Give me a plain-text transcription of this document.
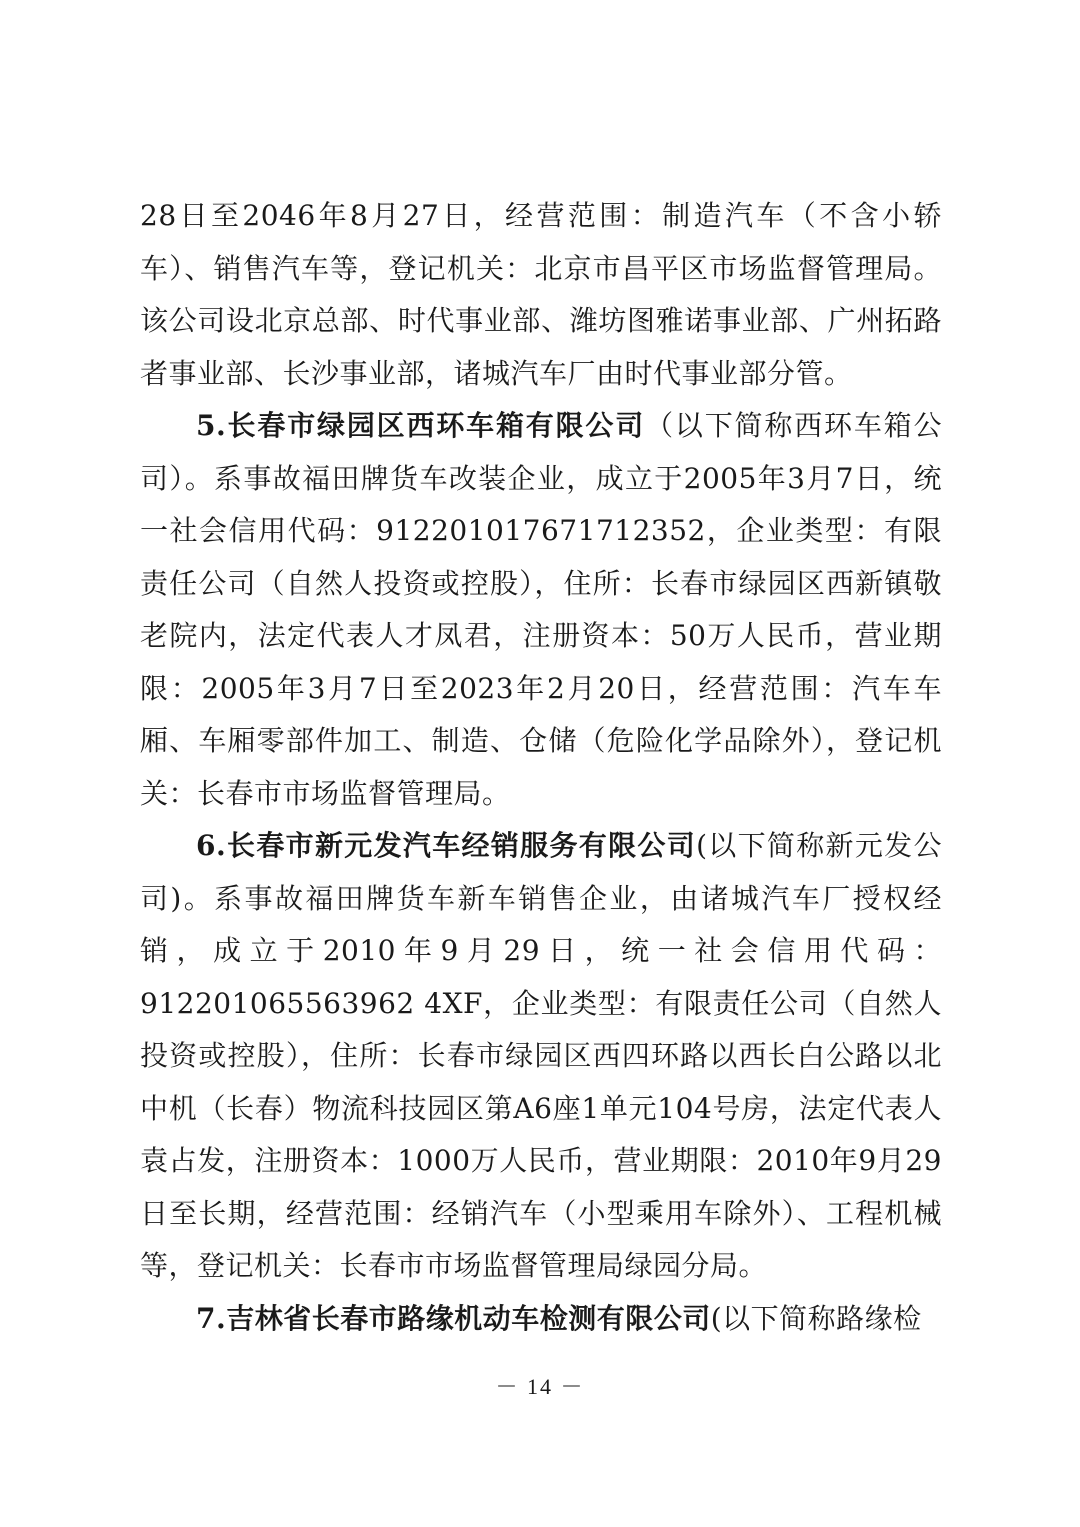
28日至2046年8月27日，经营范围：制造汽车（不含小轿车）、销售汽车等，登记机关：北京市昌平区市场监督管理局。该公司设北京总部、时代事业部、潍坊图雅诺事业部、广州拓路者事业部、长沙事业部，诸城汽车厂由时代事业部分管。

5.长春市绿园区西环车箱有限公司（以下简称西环车箱公司）。系事故福田牌货车改装企业，成立于2005年3月7日，统一社会信用代码：912201017671712352，企业类型：有限责任公司（自然人投资或控股），住所：长春市绿园区西新镇敬老院内，法定代表人才凤君，注册资本：50万人民币，营业期限：2005年3月7日至2023年2月20日，经营范围：汽车车厢、车厢零部件加工、制造、仓储（危险化学品除外），登记机关：长春市市场监督管理局。

6.长春市新元发汽车经销服务有限公司(以下简称新元发公司)。系事故福田牌货车新车销售企业，由诸城汽车厂授权经销，成立于2010年9月29日，统一社会信用代码：912201065563962 4XF，企业类型：有限责任公司（自然人投资或控股），住所：长春市绿园区西四环路以西长白公路以北中机（长春）物流科技园区第A6座1单元104号房，法定代表人袁占发，注册资本：1000万人民币，营业期限：2010年9月29日至长期，经营范围：经销汽车（小型乘用车除外）、工程机械等，登记机关：长春市市场监督管理局绿园分局。

7.吉林省长春市路缘机动车检测有限公司(以下简称路缘检

－ 14 －
